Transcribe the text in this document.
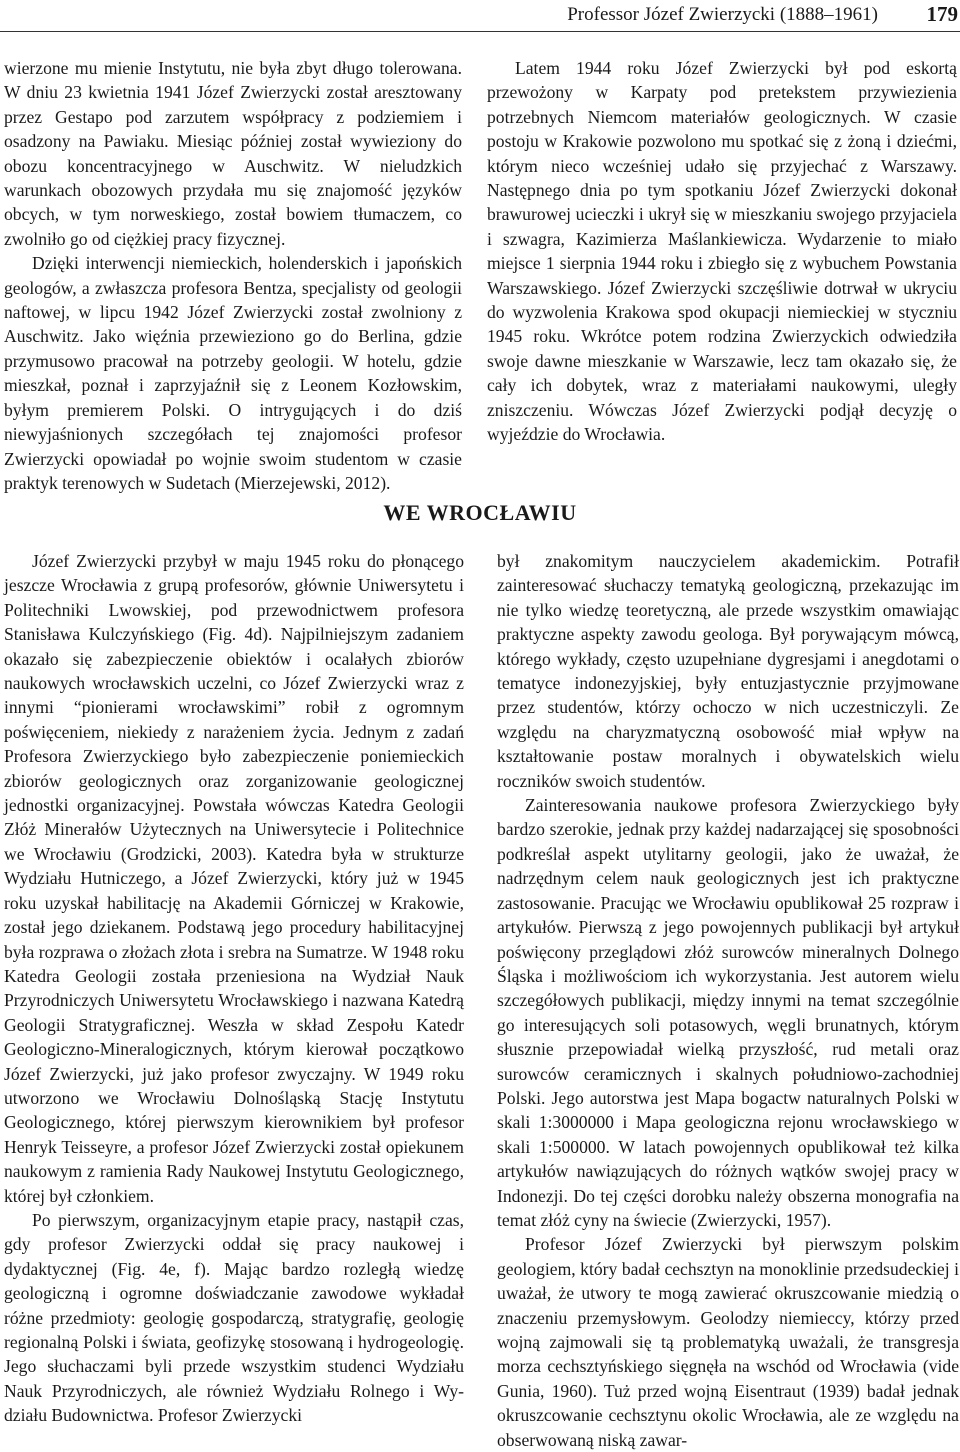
Professor Józef Zwierzycki (1888–1961) 179

wierzone mu mienie Instytutu, nie była zbyt długo tolerowana. W dniu 23 kwietnia 1941 Józef Zwierzycki został aresztowany przez Gestapo pod zarzutem współpracy z podziemiem i osadzony na Pawiaku. Miesiąc później został wywieziony do obozu koncentracyjnego w Auschwitz. W nieludzkich warunkach obozowych przydała mu się znajomość języków obcych, w tym norweskiego, został bowiem tłumaczem, co zwolniło go od ciężkiej pracy fizycznej.

Dzięki interwencji niemieckich, holenderskich i japońskich geologów, a zwłaszcza profesora Bentza, specjalisty od geologii naftowej, w lipcu 1942 Józef Zwierzycki został zwolniony z Auschwitz. Jako więźnia przewieziono go do Berlina, gdzie przymusowo pracował na potrzeby geologii. W hotelu, gdzie mieszkał, poznał i zaprzyjaźnił się z Leonem Kozłowskim, byłym premierem Polski. O intrygujących i do dziś niewyjaśnionych szczegółach tej znajomości profesor Zwierzycki opowiadał po wojnie swoim studentom w czasie praktyk terenowych w Sudetach (Mierzejewski, 2012).

Latem 1944 roku Józef Zwierzycki był pod eskortą przewożony w Karpaty pod pretekstem przywiezienia potrzebnych Niemcom materiałów geologicznych. W czasie postoju w Krakowie pozwolono mu spotkać się z żoną i dziećmi, którym nieco wcześniej udało się przyjechać z Warszawy. Następnego dnia po tym spotkaniu Józef Zwierzycki dokonał brawurowej ucieczki i ukrył się w mieszkaniu swojego przyjaciela i szwagra, Kazimierza Maślankiewicza. Wydarzenie to miało miejsce 1 sierpnia 1944 roku i zbiegło się z wybuchem Powstania Warszawskiego. Józef Zwierzycki szczęśliwie dotrwał w ukryciu do wyzwolenia Krakowa spod okupacji niemieckiej w styczniu 1945 roku. Wkrótce potem rodzina Zwierzyckich odwiedziła swoje dawne mieszkanie w Warszawie, lecz tam okazało się, że cały ich dobytek, wraz z materiałami naukowymi, uległy zniszczeniu. Wówczas Józef Zwierzycki podjął decyzję o wyjeździe do Wrocławia.

WE WROCŁAWIU

Józef Zwierzycki przybył w maju 1945 roku do płonącego jeszcze Wrocławia z grupą profesorów, głównie Uniwersytetu i Politechniki Lwowskiej, pod przewodnictwem profesora Stanisława Kulczyńskiego (Fig. 4d). Najpilniejszym zadaniem okazało się zabezpieczenie obiektów i ocalałych zbiorów naukowych wrocławskich uczelni, co Józef Zwierzycki wraz z innymi “pionierami wrocławskimi” robił z ogromnym poświęceniem, niekiedy z narażeniem życia. Jednym z zadań Profesora Zwierzyckiego było zabezpieczenie poniemieckich zbiorów geologicznych oraz zorganizowanie geologicznej jednostki organizacyjnej. Powstała wówczas Katedra Geologii Złóż Minerałów Użytecznych na Uniwersytecie i Politechnice we Wrocławiu (Grodzicki, 2003). Katedra była w strukturze Wydziału Hutniczego, a Józef Zwierzycki, który już w 1945 roku uzyskał habilitację na Akademii Górniczej w Krakowie, został jego dziekanem. Podstawą jego procedury habilitacyjnej była rozprawa o złożach złota i srebra na Sumatrze. W 1948 roku Katedra Geologii została przeniesiona na Wydział Nauk Przyrodniczych Uniwersytetu Wrocławskiego i nazwana Katedrą Geologii Stratygraficznej. Weszła w skład Zespołu Katedr Geologiczno-Mineralogicznych, którym kierował początkowo Józef Zwierzycki, już jako profesor zwyczajny. W 1949 roku utworzono we Wrocławiu Dolnośląską Stację Instytutu Geologicznego, której pierwszym kierownikiem był profesor Henryk Teisseyre, a profesor Józef Zwierzycki został opiekunem naukowym z ramienia Rady Naukowej Instytutu Geologicznego, której był członkiem.

Po pierwszym, organizacyjnym etapie pracy, nastąpił czas, gdy profesor Zwierzycki oddał się pracy naukowej i dydaktycznej (Fig. 4e, f). Mając bardzo rozległą wiedzę geologiczną i ogromne doświadczanie zawodowe wykładał różne przedmioty: geologię gospodarczą, stratygrafię, geologię regionalną Polski i świata, geofizykę stosowaną i hydrogeologię. Jego słuchaczami byli przede wszystkim studenci Wydziału Nauk Przyrodniczych, ale również Wydziału Rolnego i Wy- działu Budownictwa. Profesor Zwierzycki

był znakomitym nauczycielem akademickim. Potrafił zainteresować słuchaczy tematyką geologiczną, przekazując im nie tylko wiedzę teoretyczną, ale przede wszystkim omawiając praktyczne aspekty zawodu geologa. Był porywającym mówcą, którego wykłady, często uzupełniane dygresjami i anegdotami o tematyce indonezyjskiej, były entuzjastycznie przyjmowane przez studentów, którzy ochoczo w nich uczestniczyli. Ze względu na charyzmatyczną osobowość miał wpływ na kształtowanie postaw moralnych i obywatelskich wielu roczników swoich studentów.

Zainteresowania naukowe profesora Zwierzyckiego były bardzo szerokie, jednak przy każdej nadarzającej się sposobności podkreślał aspekt utylitarny geologii, jako że uważał, że nadrzędnym celem nauk geologicznych jest ich praktyczne zastosowanie. Pracując we Wrocławiu opublikował 25 rozpraw i artykułów. Pierwszą z jego powojennych publikacji był artykuł poświęcony przeglądowi złóż surowców mineralnych Dolnego Śląska i możliwościom ich wykorzystania. Jest autorem wielu szczegółowych publikacji, między innymi na temat szczególnie go interesujących soli potasowych, węgli brunatnych, którym słusznie przepowiadał wielką przyszłość, rud metali oraz surowców ceramicznych i skalnych południowo-zachodniej Polski. Jego autorstwa jest Mapa bogactw naturalnych Polski w skali 1:3000000 i Mapa geologiczna rejonu wrocławskiego w skali 1:500000. W latach powojennych opublikował też kilka artykułów nawiązujących do różnych wątków swojej pracy w Indonezji. Do tej części dorobku należy obszerna monografia na temat złóż cyny na świecie (Zwierzycki, 1957).

Profesor Józef Zwierzycki był pierwszym polskim geologiem, który badał cechsztyn na monoklinie przedsudeckiej i uważał, że utwory te mogą zawierać okruszcowanie miedzią o znaczeniu przemysłowym. Geolodzy niemieccy, którzy przed wojną zajmowali się tą problematyką uważali, że transgresja morza cechsztyńskiego sięgnęła na wschód od Wrocławia (vide Gunia, 1960). Tuż przed wojną Eisentraut (1939) badał jednak okruszcowanie cechsztynu okolic Wrocławia, ale ze względu na obserwowaną niską zawar-
